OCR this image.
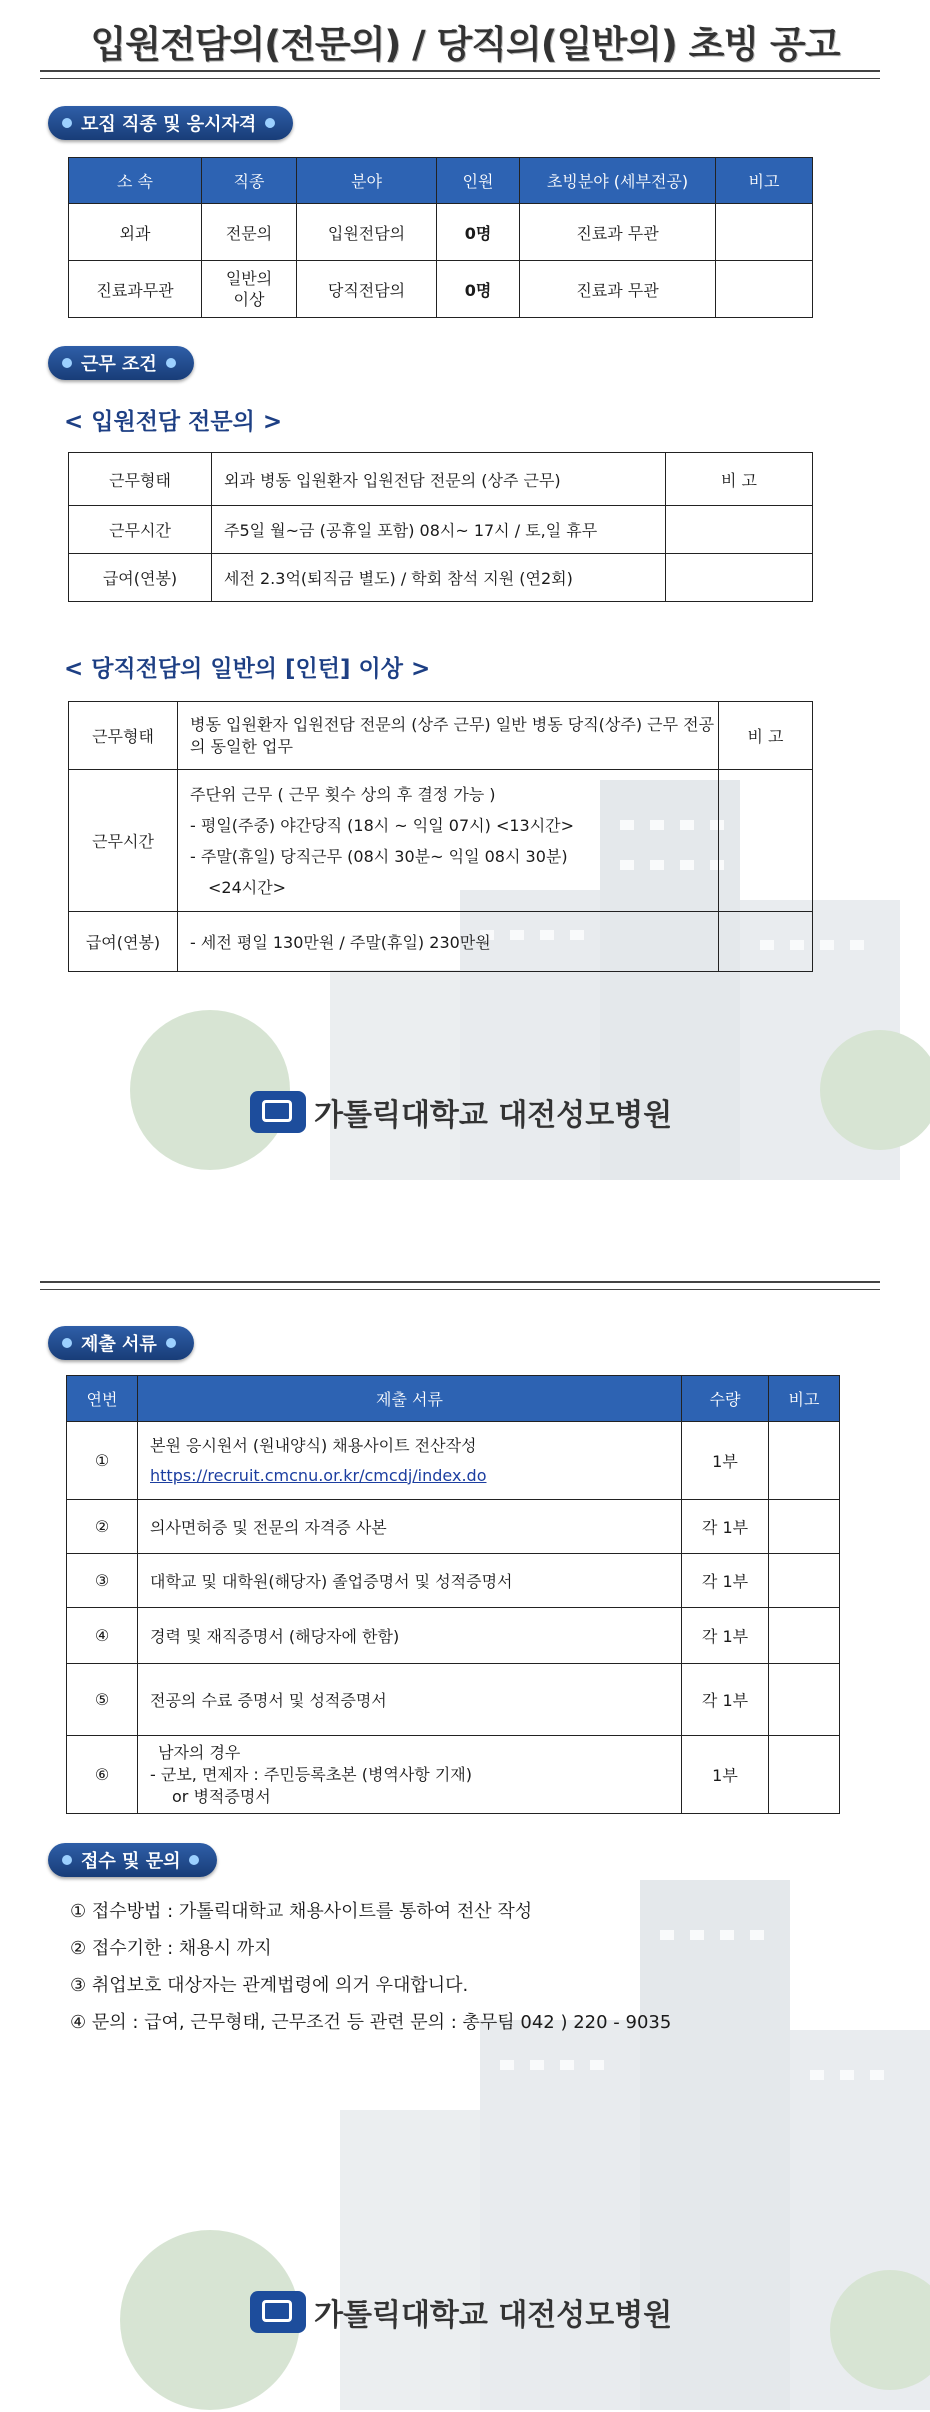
입원전담의(전문의) / 당직의(일반의) 초빙 공고
모집 직종 및 응시자격
소 속	직종	분야	인원	초빙분야 (세부전공)	비고
외과	전문의	입원전담의	0명	진료과 무관	
진료과무관	일반의 이상	당직전담의	0명	진료과 무관	
근무 조건
< 입원전담 전문의 >
근무형태	외과 병동 입원환자 입원전담 전문의 (상주 근무)	비 고
근무시간	주5일 월~금 (공휴일 포함) 08시~ 17시 / 토,일 휴무	
급여(연봉)	세전 2.3억(퇴직금 별도) / 학회 참석 지원 (연2회)	
< 당직전담의 일반의 [인턴] 이상 >
근무형태	병동 입원환자 입원전담 전문의 (상주 근무) 일반 병동 당직(상주) 근무 전공의 동일한 업무	비 고
근무시간	주단위 근무 ( 근무 횟수 상의 후 결정 가능 )
- 평일(주중) 야간당직 (18시 ~ 익일 07시) <13시간>
- 주말(휴일) 당직근무 (08시 30분~ 익일 08시 30분)
<24시간>	

급여(연봉)	- 세전 평일 130만원 / 주말(휴일) 230만원	
가톨릭대학교 대전성모병원
제출 서류
연번	제출 서류	수량	비고
①	본원 응시원서 (원내양식) 채용사이트 전산작성
https://recruit.cmcnu.or.kr/cmcdj/index.do	1부	
②	의사면허증 및 전문의 자격증 사본	각 1부	
③	대학교 및 대학원(해당자) 졸업증명서 및 성적증명서	각 1부	
④	경력 및 재직증명서 (해당자에 한함)	각 1부	
⑤	전공의 수료 증명서 및 성적증명서	각 1부	
⑥	남자의 경우
- 군보, 면제자 : 주민등록초본 (병역사항 기재)
or 병적증명서	1부	
접수 및 문의
① 접수방법 : 가톨릭대학교 채용사이트를 통하여 전산 작성
② 접수기한 : 채용시 까지
③ 취업보호 대상자는 관계법령에 의거 우대합니다.
④ 문의 : 급여, 근무형태, 근무조건 등 관련 문의 : 총무팀 042 ) 220 - 9035
가톨릭대학교 대전성모병원
